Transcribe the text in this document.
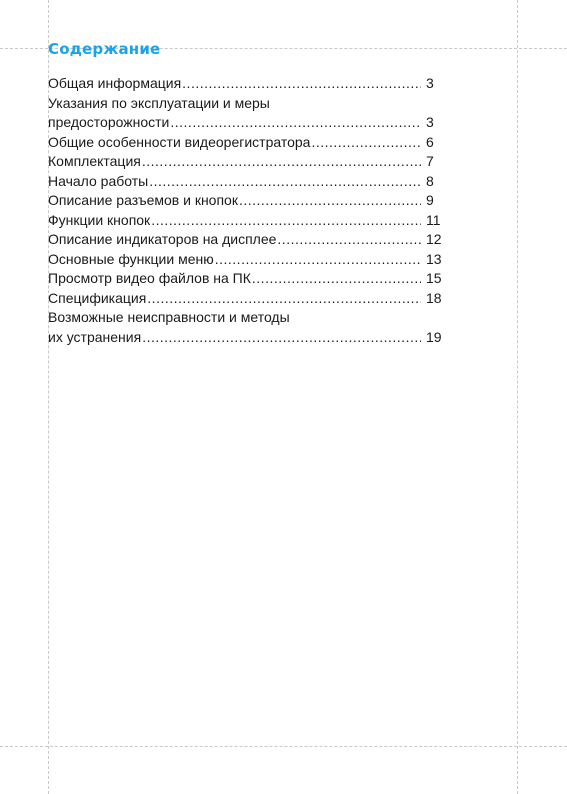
Содержание
Общая информация .....	3
Указания по эксплуатации и меры
предосторожности .....	3
Общие особенности видеорегистратора .....	6
Комплектация .....	7
Начало работы .....	8
Описание разъемов и кнопок .....	9
Функции кнопок .....	11
Описание индикаторов на дисплее .....	12
Основные функции меню .....	13
Просмотр видео файлов на ПК .....	15
Спецификация .....	18
Возможные неисправности и методы
их устранения .....	19
